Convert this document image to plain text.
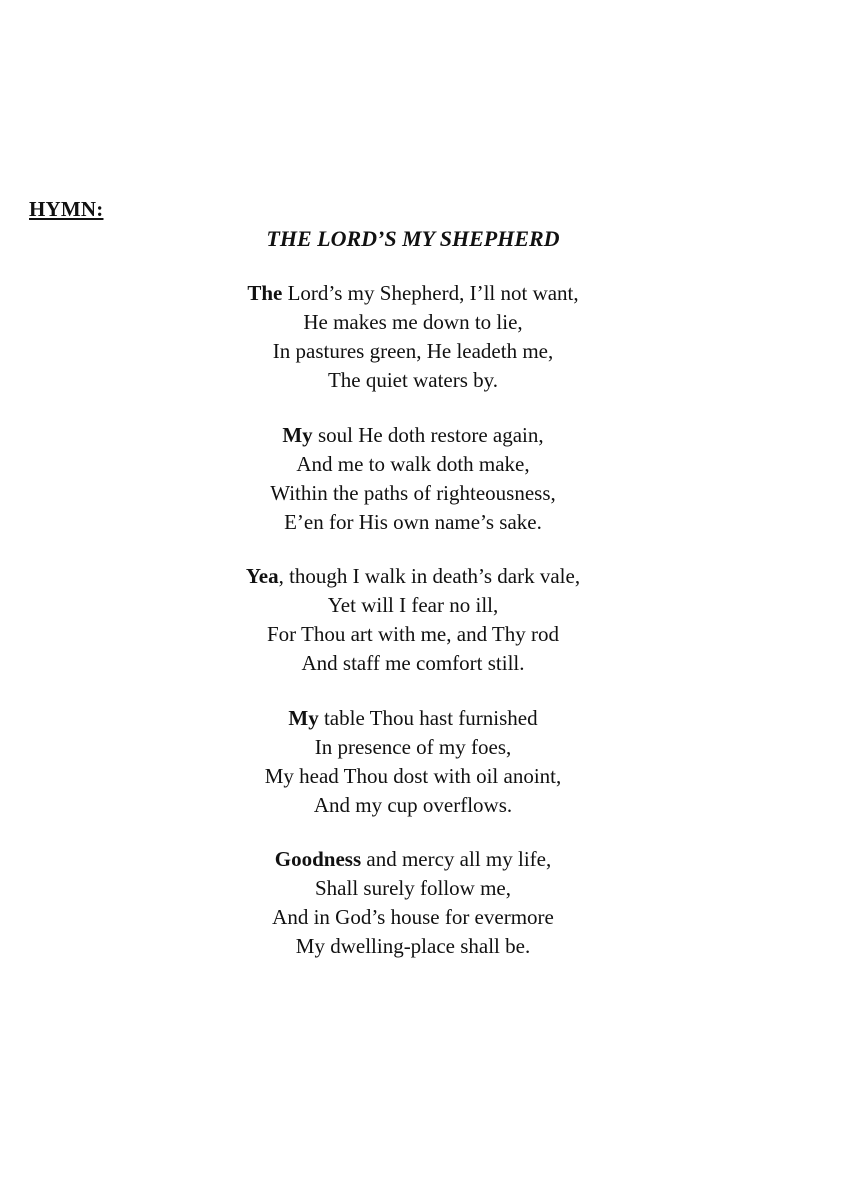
HYMN:
THE LORD’S MY SHEPHERD
The Lord’s my Shepherd, I’ll not want,
He makes me down to lie,
In pastures green, He leadeth me,
The quiet waters by.
My soul He doth restore again,
And me to walk doth make,
Within the paths of righteousness,
E’en for His own name’s sake.
Yea, though I walk in death’s dark vale,
Yet will I fear no ill,
For Thou art with me, and Thy rod
And staff me comfort still.
My table Thou hast furnished
In presence of my foes,
My head Thou dost with oil anoint,
And my cup overflows.
Goodness and mercy all my life,
Shall surely follow me,
And in God’s house for evermore
My dwelling-place shall be.
